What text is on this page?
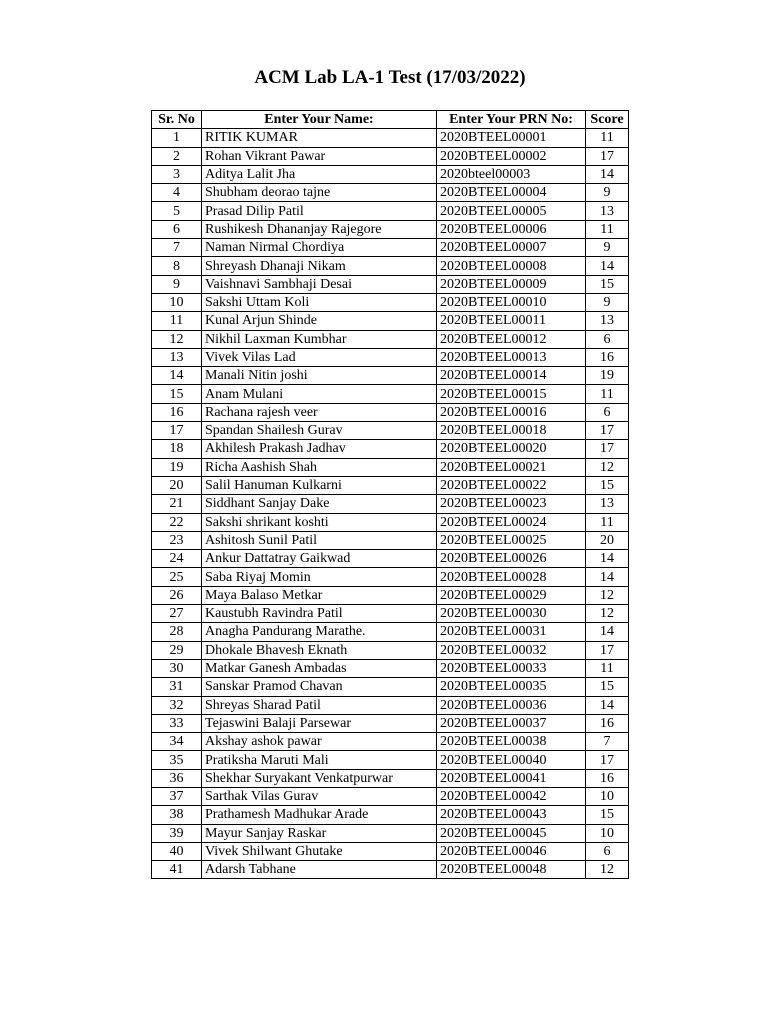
ACM Lab LA-1 Test (17/03/2022)
Sr. No	Enter Your Name:	Enter Your PRN No:	Score
1	RITIK KUMAR	2020BTEEL00001	11
2	Rohan Vikrant Pawar	2020BTEEL00002	17
3	Aditya Lalit Jha	2020bteel00003	14
4	Shubham deorao tajne	2020BTEEL00004	9
5	Prasad Dilip Patil	2020BTEEL00005	13
6	Rushikesh Dhananjay Rajegore	2020BTEEL00006	11
7	Naman Nirmal Chordiya	2020BTEEL00007	9
8	Shreyash Dhanaji Nikam	2020BTEEL00008	14
9	Vaishnavi Sambhaji Desai	2020BTEEL00009	15
10	Sakshi Uttam Koli	2020BTEEL00010	9
11	Kunal Arjun Shinde	2020BTEEL00011	13
12	Nikhil Laxman Kumbhar	2020BTEEL00012	6
13	Vivek Vilas Lad	2020BTEEL00013	16
14	Manali Nitin joshi	2020BTEEL00014	19
15	Anam Mulani	2020BTEEL00015	11
16	Rachana rajesh veer	2020BTEEL00016	6
17	Spandan Shailesh Gurav	2020BTEEL00018	17
18	Akhilesh Prakash Jadhav	2020BTEEL00020	17
19	Richa Aashish Shah	2020BTEEL00021	12
20	Salil Hanuman Kulkarni	2020BTEEL00022	15
21	Siddhant Sanjay Dake	2020BTEEL00023	13
22	Sakshi shrikant koshti	2020BTEEL00024	11
23	Ashitosh Sunil Patil	2020BTEEL00025	20
24	Ankur Dattatray Gaikwad	2020BTEEL00026	14
25	Saba Riyaj Momin	2020BTEEL00028	14
26	Maya Balaso Metkar	2020BTEEL00029	12
27	Kaustubh Ravindra Patil	2020BTEEL00030	12
28	Anagha Pandurang Marathe.	2020BTEEL00031	14
29	Dhokale Bhavesh Eknath	2020BTEEL00032	17
30	Matkar Ganesh Ambadas	2020BTEEL00033	11
31	Sanskar Pramod Chavan	2020BTEEL00035	15
32	Shreyas Sharad Patil	2020BTEEL00036	14
33	Tejaswini Balaji Parsewar	2020BTEEL00037	16
34	Akshay ashok pawar	2020BTEEL00038	7
35	Pratiksha Maruti Mali	2020BTEEL00040	17
36	Shekhar Suryakant Venkatpurwar	2020BTEEL00041	16
37	Sarthak Vilas Gurav	2020BTEEL00042	10
38	Prathamesh Madhukar Arade	2020BTEEL00043	15
39	Mayur Sanjay Raskar	2020BTEEL00045	10
40	Vivek Shilwant Ghutake	2020BTEEL00046	6
41	Adarsh Tabhane	2020BTEEL00048	12
